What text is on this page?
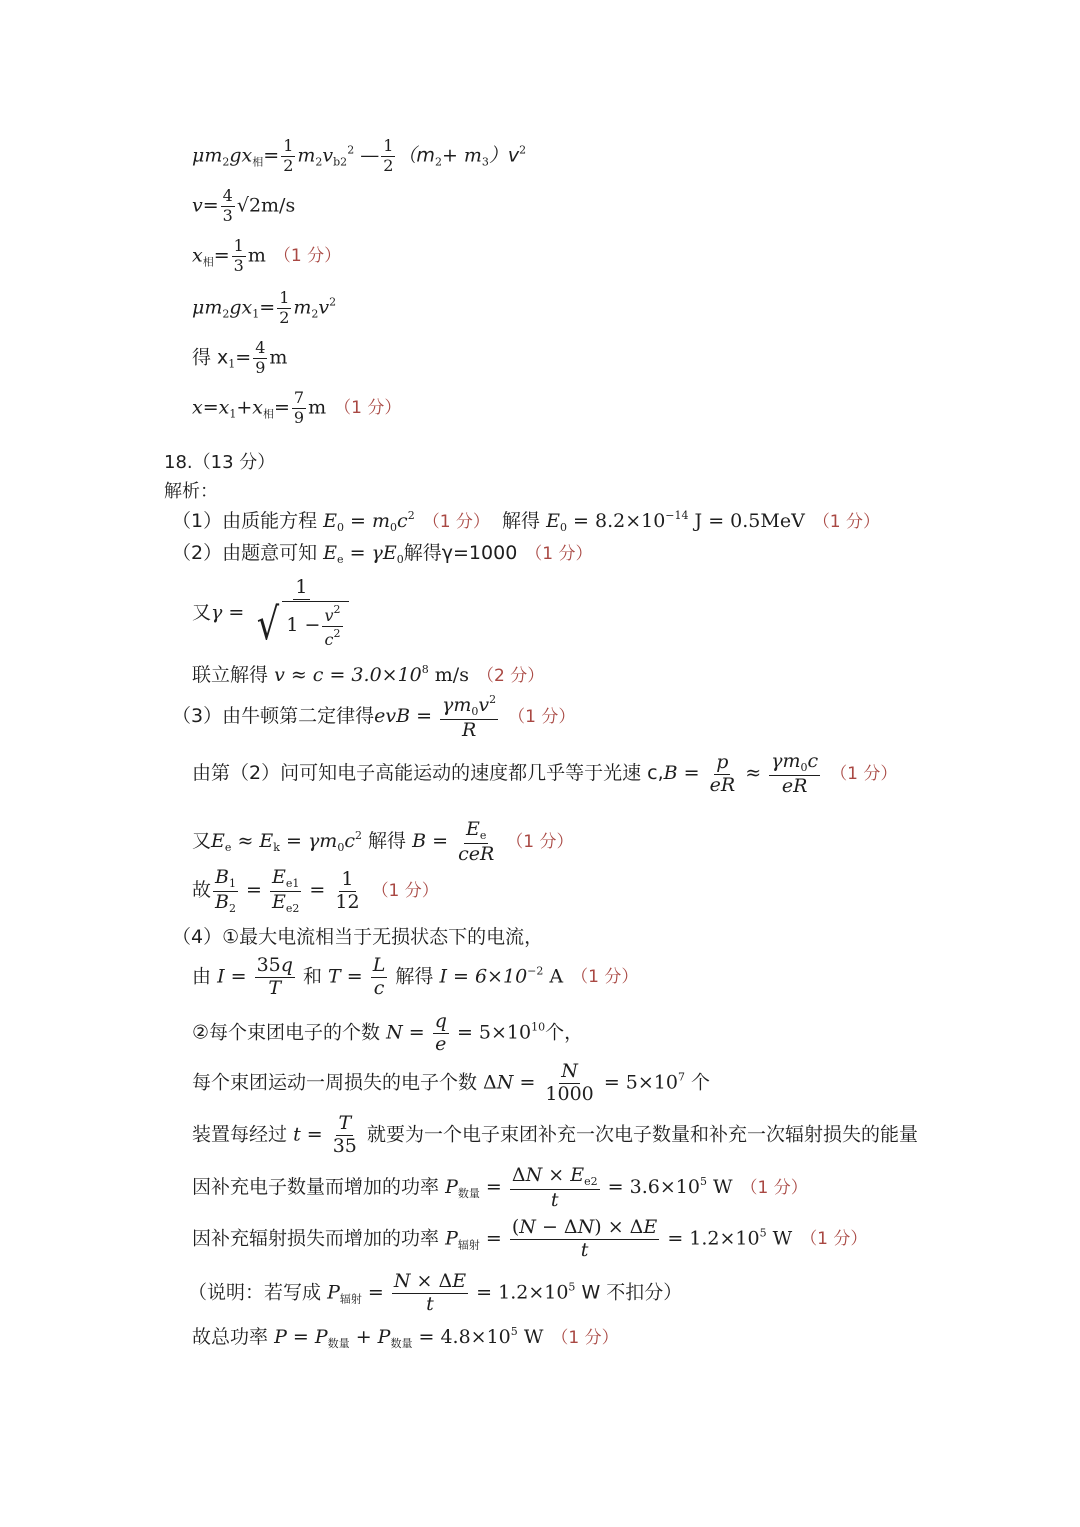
$\mu m_2gx_相= \frac{1}{2} m_2v_{b2}^2$ — $\frac{1}{2} (m_2+ m_3)v^2$
$v= \frac{4}{3} √2m/s$
$x_相= \frac{1}{3}$ m （1 分）
$\mu m_2gx_1= \frac{1}{2} m_2v^2$
得 $x_1= \frac{4}{9}$ m
$x=x_1+x_相= \frac{7}{9}$ m （1 分）
18.（13 分）
解析：
（1）由质能方程 $E_0 = m_0c^2$ （1 分） 解得 $E_0 = 8.2\times 10^{-14}$ J = 0.5MeV （1 分）
（2）由题意可知 $E_e = \gamma E_0$解得γ=1000 （1 分）
又$\gamma = \frac{1}{√ 1 - \frac{v^2}{c^2}}$
联立解得 $v \approx c = 3.0\times 10^8$ m/s （2 分）
（3）由牛顿第二定律得evB = $\frac{\gamma m_0v^2}{R} (1$ 分）
由第（2）问可知电子高能运动的速度都几乎等于光速 $c,B = \frac{p}{eR} \approx \frac{\gamma m_0c}{eR} (1$ 分）
又$E_e \approx E_k = \gamma m_0c^2$ 解得 $B = \frac{E_e}{\text{ceR}} (1$ 分）
故 $\frac{B_1}{B_2} = \frac{E_{e1}}{E_{e2}} = \frac{1}{12} (1$ 分）
（4）①最大电流相当于无损状态下的电流，
由 $I = \frac{35q}{T}$ 和 $T = \frac{L}{c}$ 解得 $I = 6\times 10^{-2}$ A （1 分）
②每个束团电子的个数 $N = \frac{q}{e} = 5\times 10^{10}$个，
每个束团运动一周损失的电子个数 $\Delta N = \frac{N}{1000} = 5\times 10^7$ 个
装置每经过 $t = \frac{T}{35}$ 就要为一个电子束团补充一次电子数量和补充一次辐射损失的能量
因补充电子数量而增加的功率 $P_{数量} = \frac{\Delta N \times E_{e2}}{t} = 3.6\times 10^5$ W （1 分）
因补充辐射损失而增加的功率 $P_{辐射} = \frac{(N - \Delta N) \times \Delta E}{t} = 1.2\times 10^5$ W （1 分）
（说明：若写成 $P_{辐射} = \frac{N \times \Delta E}{t} = 1.2\times 10^5$ W 不扣分）
故总功率 $P = P_{数量} + P_{数量} = 4.8\times 10^5$ W （1 分）
